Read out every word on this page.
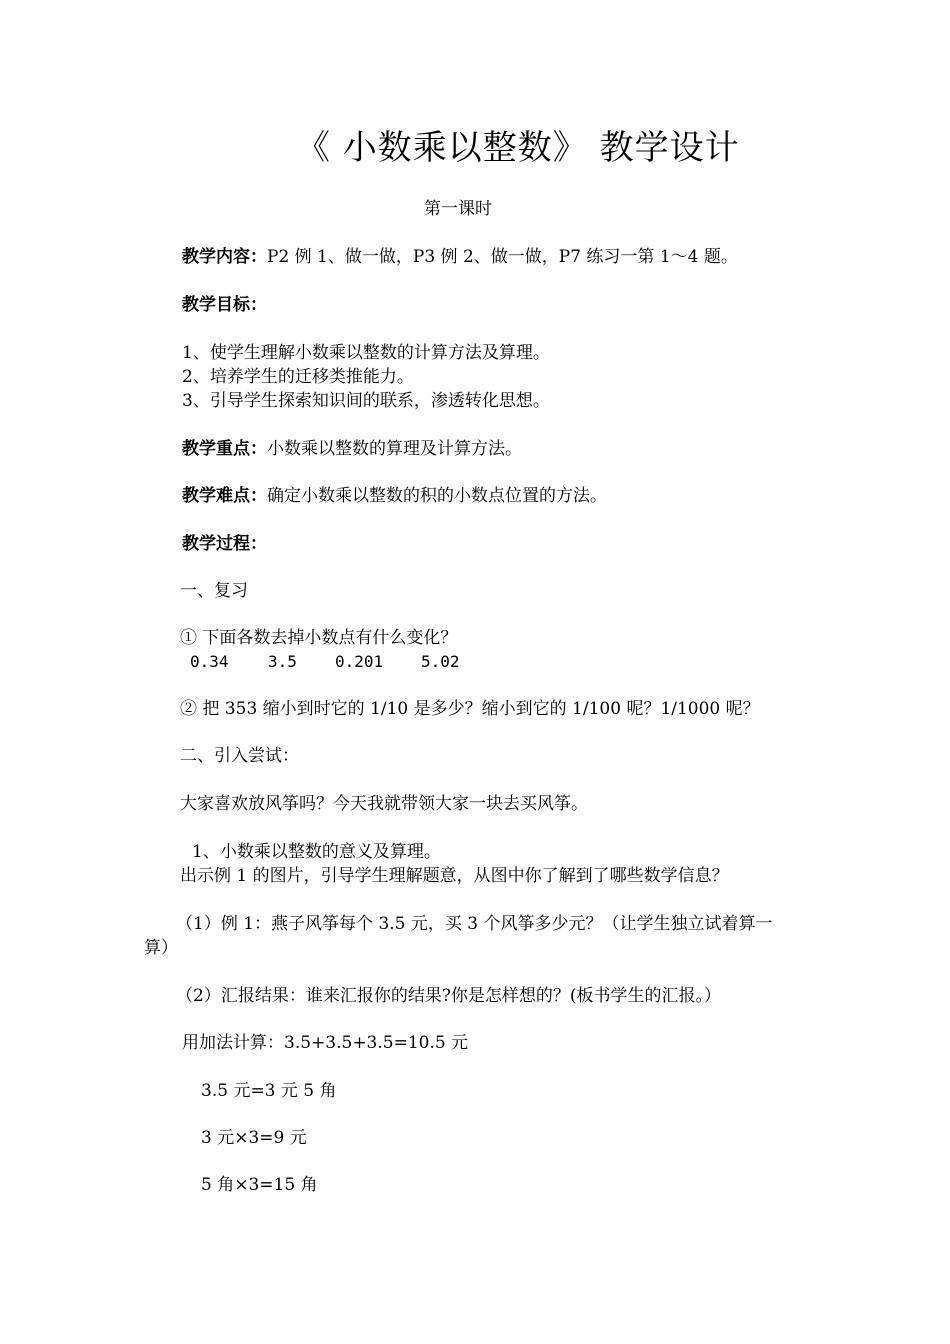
《 小数乘以整数》 教学设计
第一课时
教学内容：P2 例 1、做一做，P3 例 2、做一做，P7 练习一第 1～4 题。
教学目标：
1、使学生理解小数乘以整数的计算方法及算理。
2、培养学生的迁移类推能力。
3、引导学生探索知识间的联系，渗透转化思想。
教学重点：小数乘以整数的算理及计算方法。
教学难点：确定小数乘以整数的积的小数点位置的方法。
教学过程：
一、复习
① 下面各数去掉小数点有什么变化？
0.34 3.5 0.201 5.02
② 把 353 缩小到时它的 1/10 是多少？缩小到它的 1/100 呢？1/1000 呢？
二、引入尝试：
大家喜欢放风筝吗？今天我就带领大家一块去买风筝。
1、小数乘以整数的意义及算理。
出示例 1 的图片，引导学生理解题意，从图中你了解到了哪些数学信息？
（1）例 1：燕子风筝每个 3.5 元，买 3 个风筝多少元？（让学生独立试着算一
算）
（2）汇报结果：谁来汇报你的结果?你是怎样想的？(板书学生的汇报。）
用加法计算：3.5+3.5+3.5=10.5 元
3.5 元=3 元 5 角
3 元×3=9 元
5 角×3=15 角
